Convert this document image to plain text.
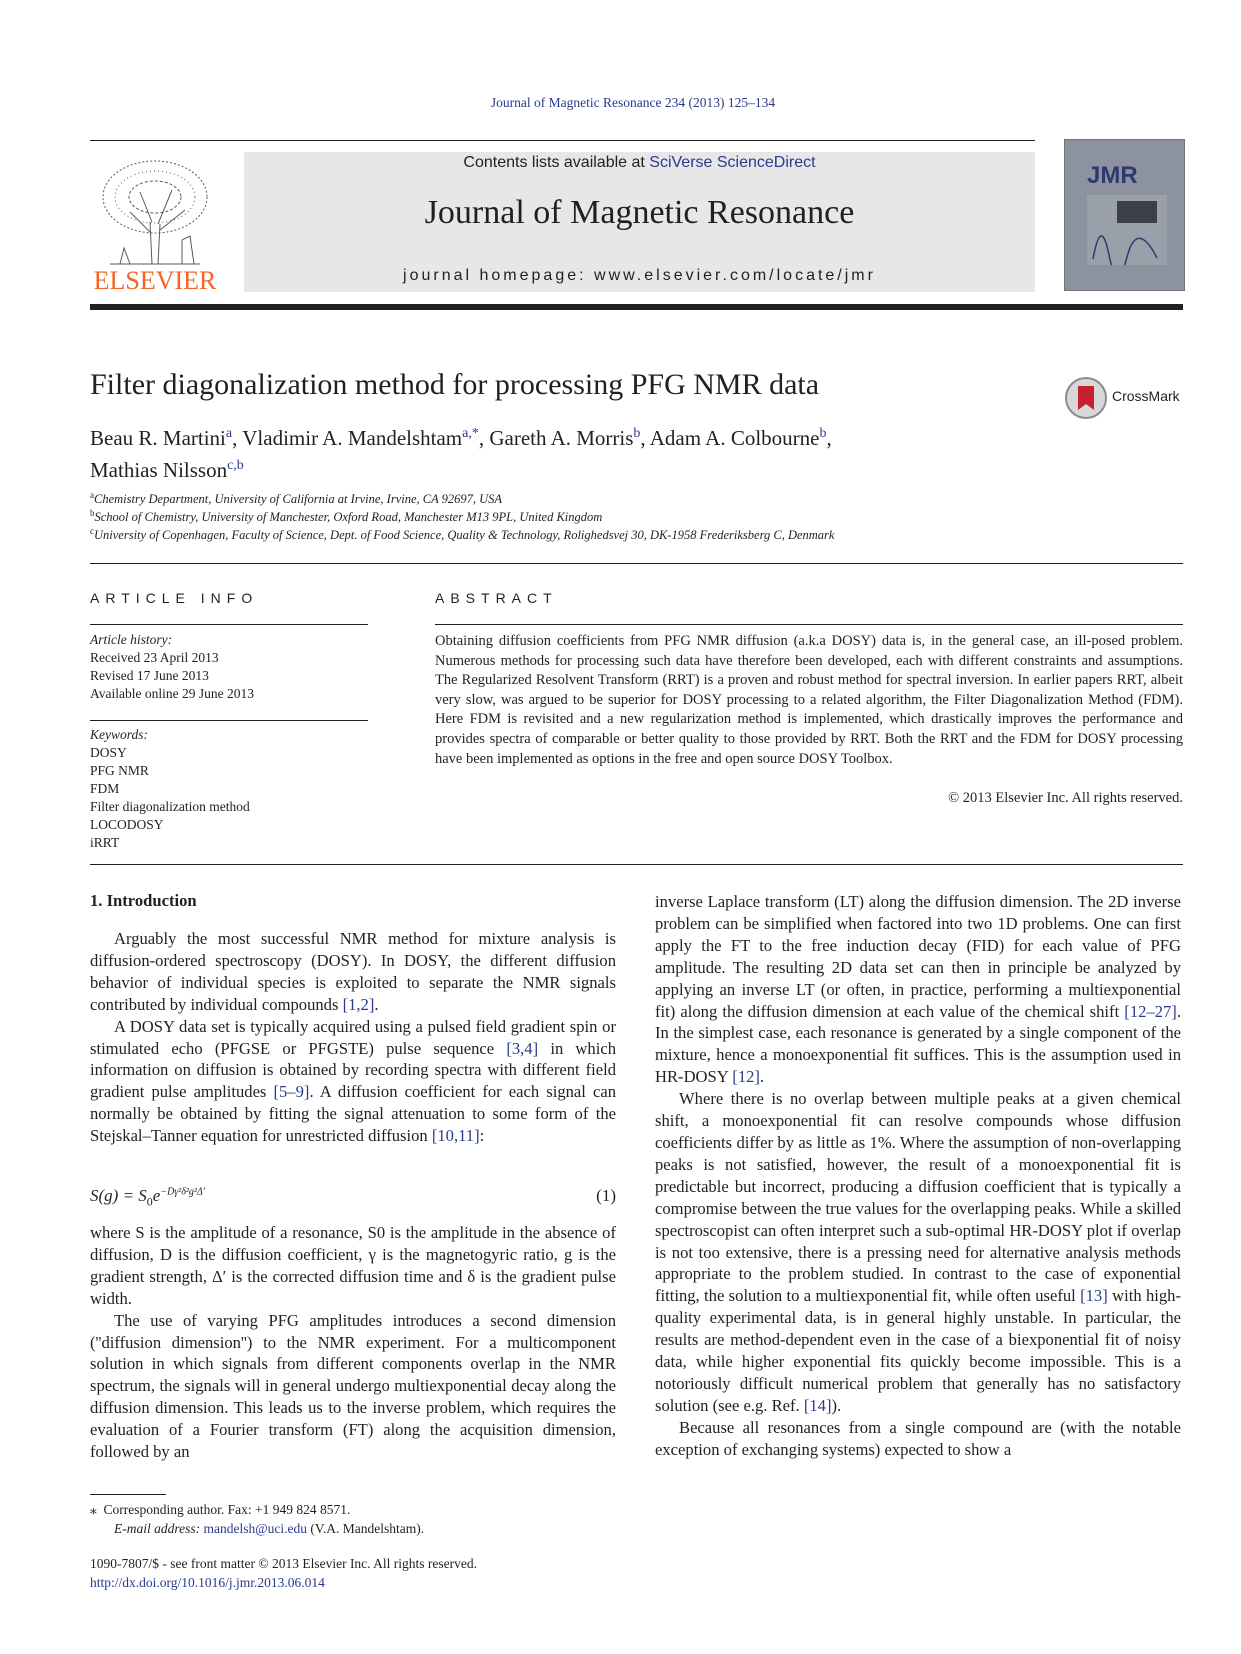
Journal of Magnetic Resonance 234 (2013) 125–134
ELSEVIER
Contents lists available at SciVerse ScienceDirect
Journal of Magnetic Resonance
journal homepage: www.elsevier.com/locate/jmr
JMR
Filter diagonalization method for processing PFG NMR data	CrossMark
Beau R. Martini$^a$, Vladimir A. Mandelshtam$^{a,*}$, Gareth A. Morris$^b$, Adam A. Colbourne$^b$,
Mathias Nilsson$^{c,b}$
$^a$Chemistry Department, University of California at Irvine, Irvine, CA 92697, USA
$^b$School of Chemistry, University of Manchester, Oxford Road, Manchester M13 9PL, United Kingdom
$^c$University of Copenhagen, Faculty of Science, Dept. of Food Science, Quality & Technology, Rolighedsvej 30, DK-1958 Frederiksberg C, Denmark
ARTICLE INFO
Article history:
Received 23 April 2013
Revised 17 June 2013
Available online 29 June 2013
Keywords:
DOSY
PFG NMR
FDM
Filter diagonalization method
LOCODOSY
iRRT
ABSTRACT
Obtaining diffusion coefficients from PFG NMR diffusion (a.k.a DOSY) data is, in the general case, an ill-posed problem. Numerous methods for processing such data have therefore been developed, each with different constraints and assumptions. The Regularized Resolvent Transform (RRT) is a proven and robust method for spectral inversion. In earlier papers RRT, albeit very slow, was argued to be superior for DOSY processing to a related algorithm, the Filter Diagonalization Method (FDM). Here FDM is revisited and a new regularization method is implemented, which drastically improves the performance and provides spectra of comparable or better quality to those provided by RRT. Both the RRT and the FDM for DOSY processing have been implemented as options in the free and open source DOSY Toolbox.
© 2013 Elsevier Inc. All rights reserved.
1. Introduction

Arguably the most successful NMR method for mixture analysis is diffusion-ordered spectroscopy (DOSY). In DOSY, the different diffusion behavior of individual species is exploited to separate the NMR signals contributed by individual compounds [1,2].

A DOSY data set is typically acquired using a pulsed field gradient spin or stimulated echo (PFGSE or PFGSTE) pulse sequence [3,4] in which information on diffusion is obtained by recording spectra with different field gradient pulse amplitudes [5–9]. A diffusion coefficient for each signal can normally be obtained by fitting the signal attenuation to some form of the Stejskal–Tanner equation for unrestricted diffusion [10,11]:

$S(g) = S_0e^{-D\gamma^2\delta^2g^2\Delta'}$	(1)

where S is the amplitude of a resonance, S0 is the amplitude in the absence of diffusion, D is the diffusion coefficient, γ is the magnetogyric ratio, g is the gradient strength, Δ′ is the corrected diffusion time and δ is the gradient pulse width.

The use of varying PFG amplitudes introduces a second dimension (''diffusion dimension'') to the NMR experiment. For a multicomponent solution in which signals from different components overlap in the NMR spectrum, the signals will in general undergo multiexponential decay along the diffusion dimension. This leads us to the inverse problem, which requires the evaluation of a Fourier transform (FT) along the acquisition dimension, followed by an

inverse Laplace transform (LT) along the diffusion dimension. The 2D inverse problem can be simplified when factored into two 1D problems. One can first apply the FT to the free induction decay (FID) for each value of PFG amplitude. The resulting 2D data set can then in principle be analyzed by applying an inverse LT (or often, in practice, performing a multiexponential fit) along the diffusion dimension at each value of the chemical shift [12–27]. In the simplest case, each resonance is generated by a single component of the mixture, hence a monoexponential fit suffices. This is the assumption used in HR-DOSY [12].

Where there is no overlap between multiple peaks at a given chemical shift, a monoexponential fit can resolve compounds whose diffusion coefficients differ by as little as 1%. Where the assumption of non-overlapping peaks is not satisfied, however, the result of a monoexponential fit is predictable but incorrect, producing a diffusion coefficient that is typically a compromise between the true values for the overlapping peaks. While a skilled spectroscopist can often interpret such a sub-optimal HR-DOSY plot if overlap is not too extensive, there is a pressing need for alternative analysis methods appropriate to the problem studied. In contrast to the case of exponential fitting, the solution to a multiexponential fit, while often useful [13] with high-quality experimental data, is in general highly unstable. In particular, the results are method-dependent even in the case of a biexponential fit of noisy data, while higher exponential fits quickly become impossible. This is a notoriously difficult numerical problem that generally has no satisfactory solution (see e.g. Ref. [14]).

Because all resonances from a single compound are (with the notable exception of exchanging systems) expected to show a

⁎ Corresponding author. Fax: +1 949 824 8571.
E-mail address: mandelsh@uci.edu (V.A. Mandelshtam).
1090-7807/$ - see front matter © 2013 Elsevier Inc. All rights reserved.
http://dx.doi.org/10.1016/j.jmr.2013.06.014
